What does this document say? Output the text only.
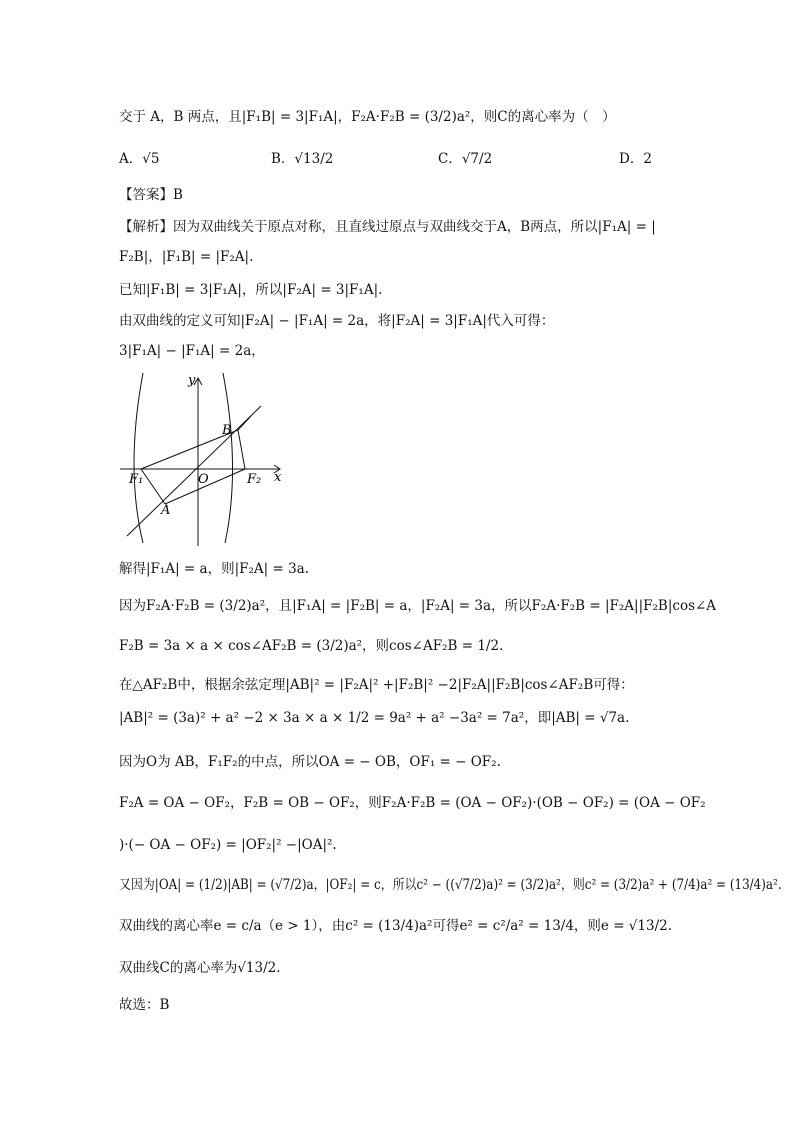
交于 A，B 两点，且|F₁B| = 3|F₁A|，F₂A·F₂B = (3/2)a²，则C的离心率为（　）
A．√5	B．√13/2	C．√7/2	D．2
【答案】B
【解析】因为双曲线关于原点对称，且直线过原点与双曲线交于A，B两点，所以|F₁A| = |
F₂B|，|F₁B| = |F₂A|.
已知|F₁B| = 3|F₁A|，所以|F₂A| = 3|F₁A|.
由双曲线的定义可知|F₂A| − |F₁A| = 2a，将|F₂A| = 3|F₁A|代入可得：
3|F₁A| − |F₁A| = 2a，
y
x
B
O
F₁	F₂
A
解得|F₁A| = a，则|F₂A| = 3a.
因为F₂A·F₂B = (3/2)a²，且|F₁A| = |F₂B| = a，|F₂A| = 3a，所以F₂A·F₂B = |F₂A||F₂B|cos∠A
F₂B = 3a × a × cos∠AF₂B = (3/2)a²，则cos∠AF₂B = 1/2.
在△AF₂B中，根据余弦定理|AB|² = |F₂A|² +|F₂B|² −2|F₂A||F₂B|cos∠AF₂B可得：
|AB|² = (3a)² + a² −2 × 3a × a × 1/2 = 9a² + a² −3a² = 7a²，即|AB| = √7a.
因为O为 AB，F₁F₂的中点，所以OA = − OB，OF₁ = − OF₂.
F₂A = OA − OF₂，F₂B = OB − OF₂，则F₂A·F₂B = (OA − OF₂)·(OB − OF₂) = (OA − OF₂
)·(− OA − OF₂) = |OF₂|² −|OA|².
又因为|OA| = (1/2)|AB| = (√7/2)a，|OF₂| = c，所以c² − ((√7/2)a)² = (3/2)a²，则c² = (3/2)a² + (7/4)a² = (13/4)a².
双曲线的离心率e = c/a（e > 1），由c² = (13/4)a²可得e² = c²/a² = 13/4，则e = √13/2.
双曲线C的离心率为√13/2.
故选：B
